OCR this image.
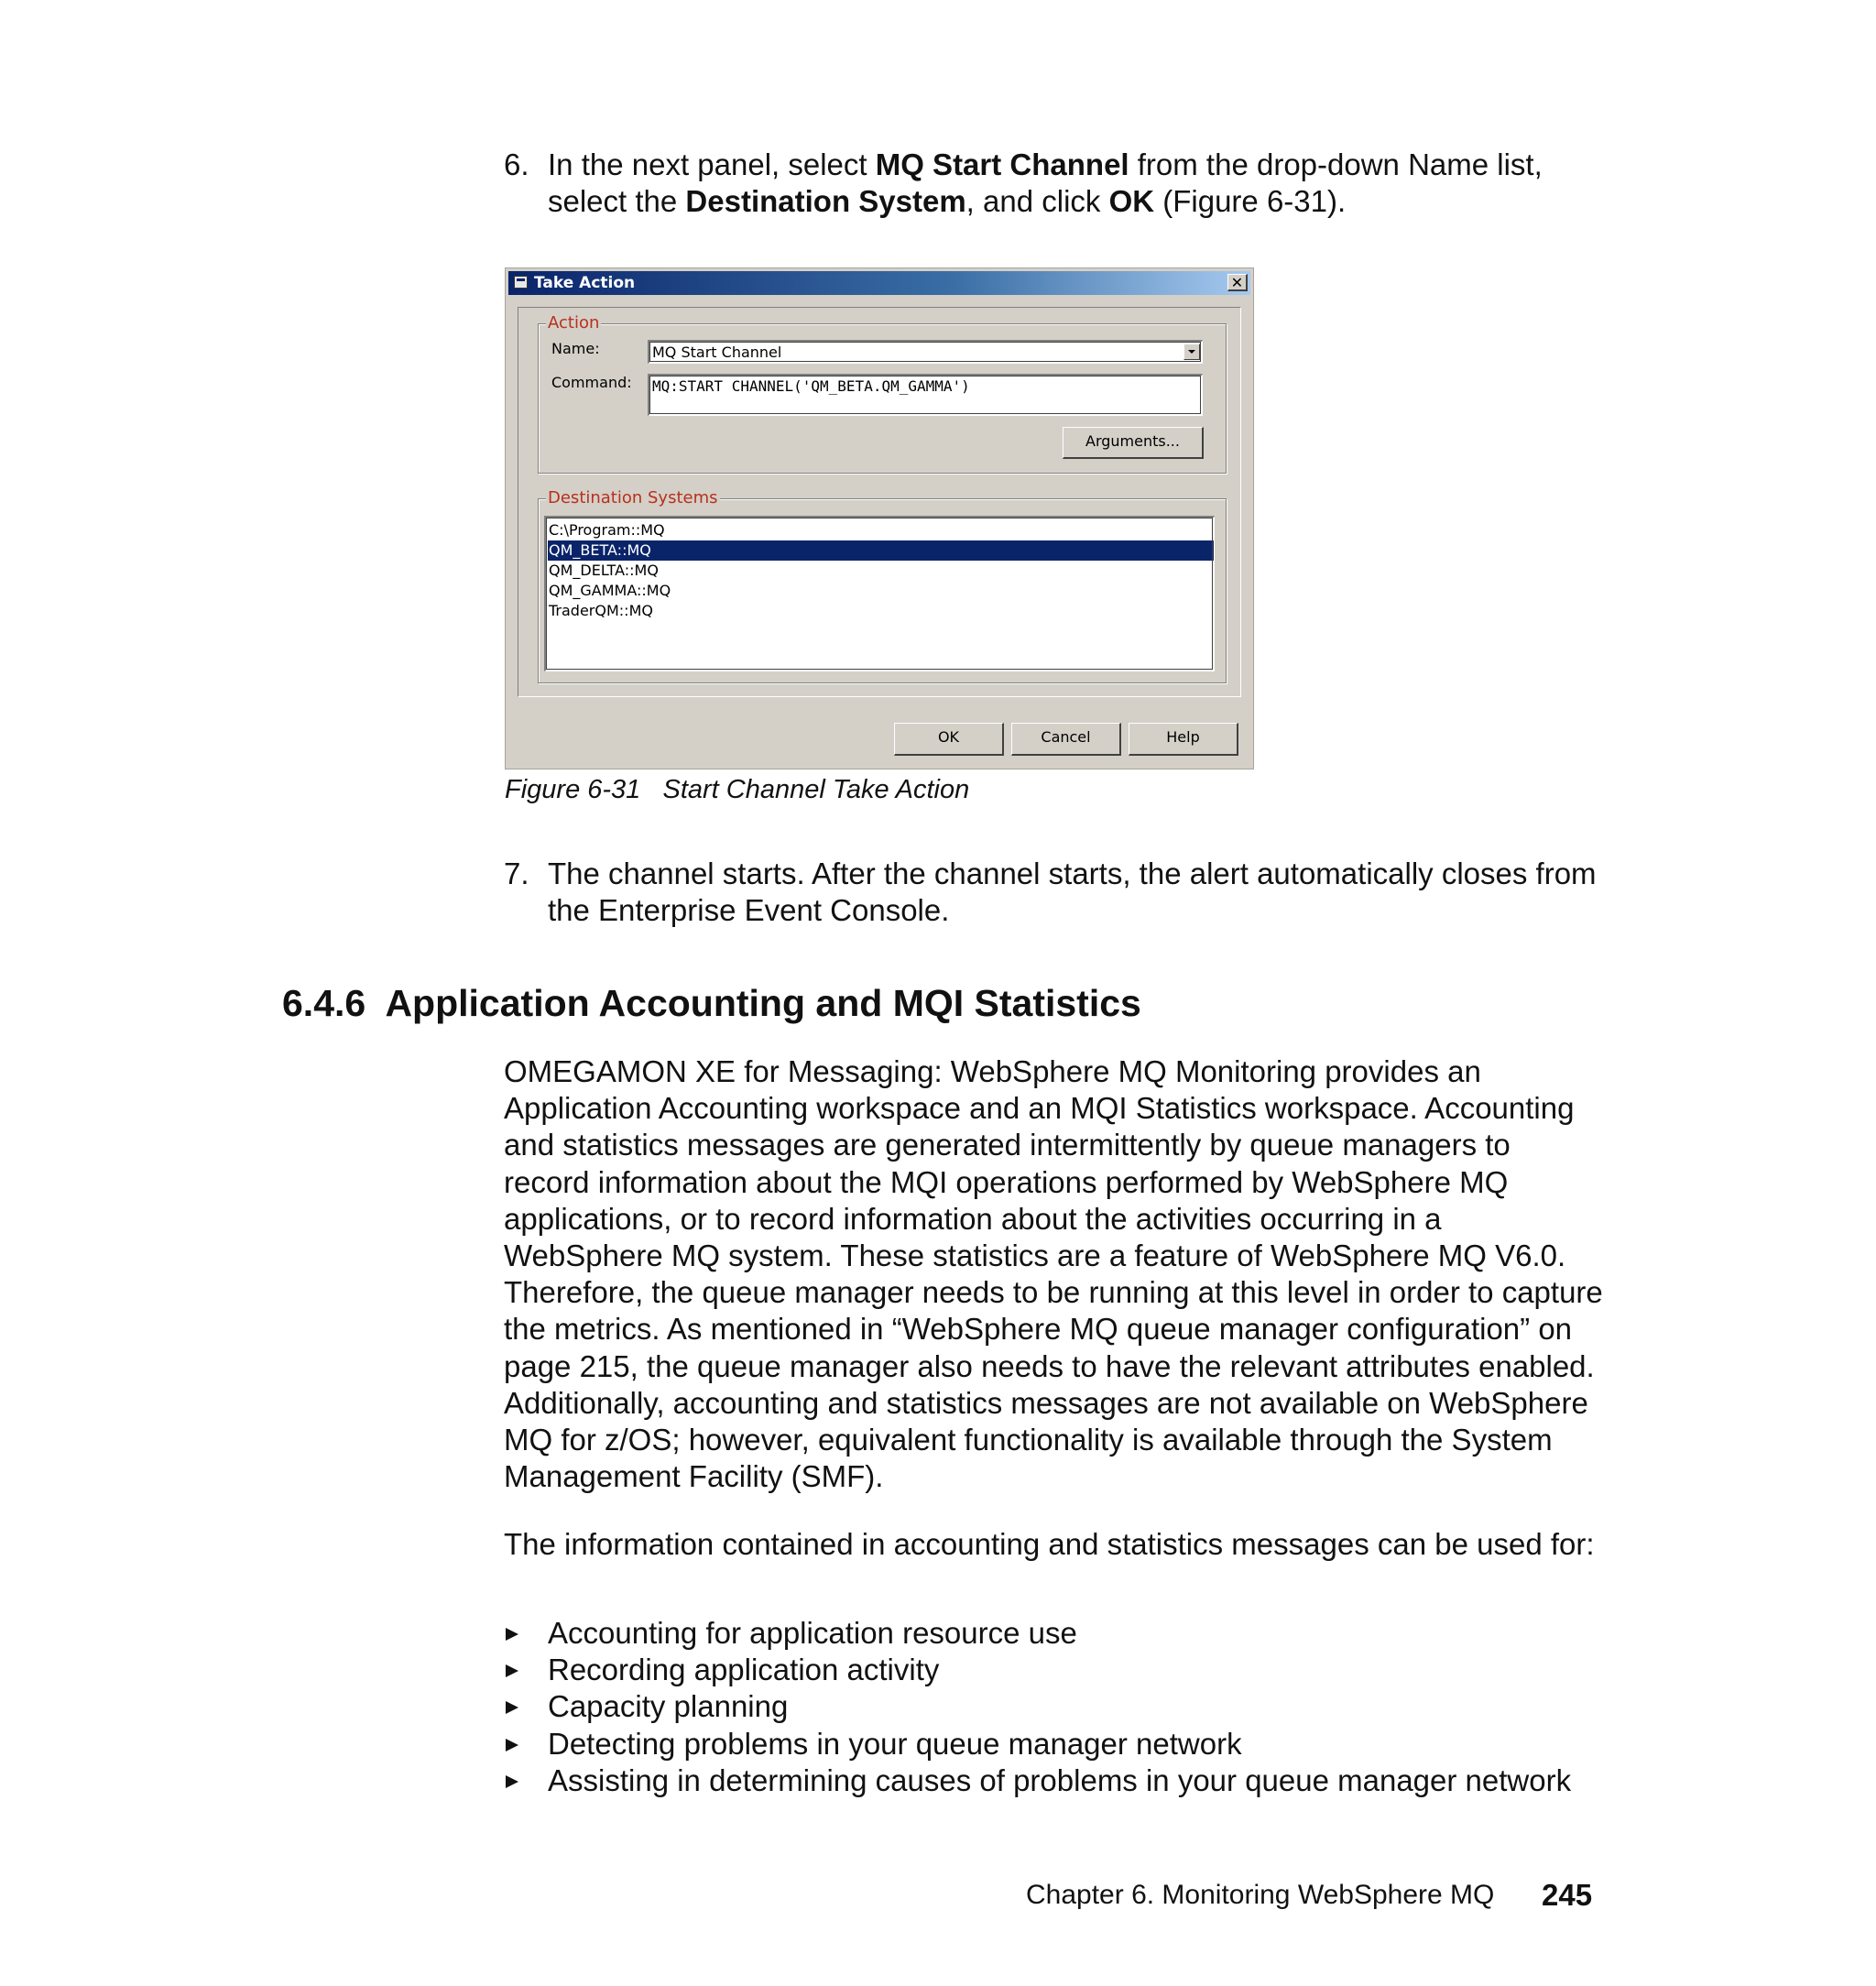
6. In the next panel, select MQ Start Channel from the drop-down Name list, select the Destination System, and click OK (Figure 6-31).
Take Action	✕
Action
Name:	MQ Start Channel
Command: MQ:START CHANNEL('QM_BETA.QM_GAMMA')
Arguments...
Destination Systems
C:\Program::MQ
QM_BETA::MQ
QM_DELTA::MQ
QM_GAMMA::MQ
TraderQM::MQ
OK	Cancel	Help
Figure 6-31   Start Channel Take Action
7. The channel starts. After the channel starts, the alert automatically closes from the Enterprise Event Console.
6.4.6  Application Accounting and MQI Statistics
OMEGAMON XE for Messaging: WebSphere MQ Monitoring provides an Application Accounting workspace and an MQI Statistics workspace. Accounting and statistics messages are generated intermittently by queue managers to record information about the MQI operations performed by WebSphere MQ applications, or to record information about the activities occurring in a WebSphere MQ system. These statistics are a feature of WebSphere MQ V6.0. Therefore, the queue manager needs to be running at this level in order to capture the metrics. As mentioned in “WebSphere MQ queue manager configuration” on page 215, the queue manager also needs to have the relevant attributes enabled. Additionally, accounting and statistics messages are not available on WebSphere MQ for z/OS; however, equivalent functionality is available through the System Management Facility (SMF).
The information contained in accounting and statistics messages can be used for:
Accounting for application resource use
Recording application activity
Capacity planning
Detecting problems in your queue manager network
Assisting in determining causes of problems in your queue manager network
Chapter 6. Monitoring WebSphere MQ 245
